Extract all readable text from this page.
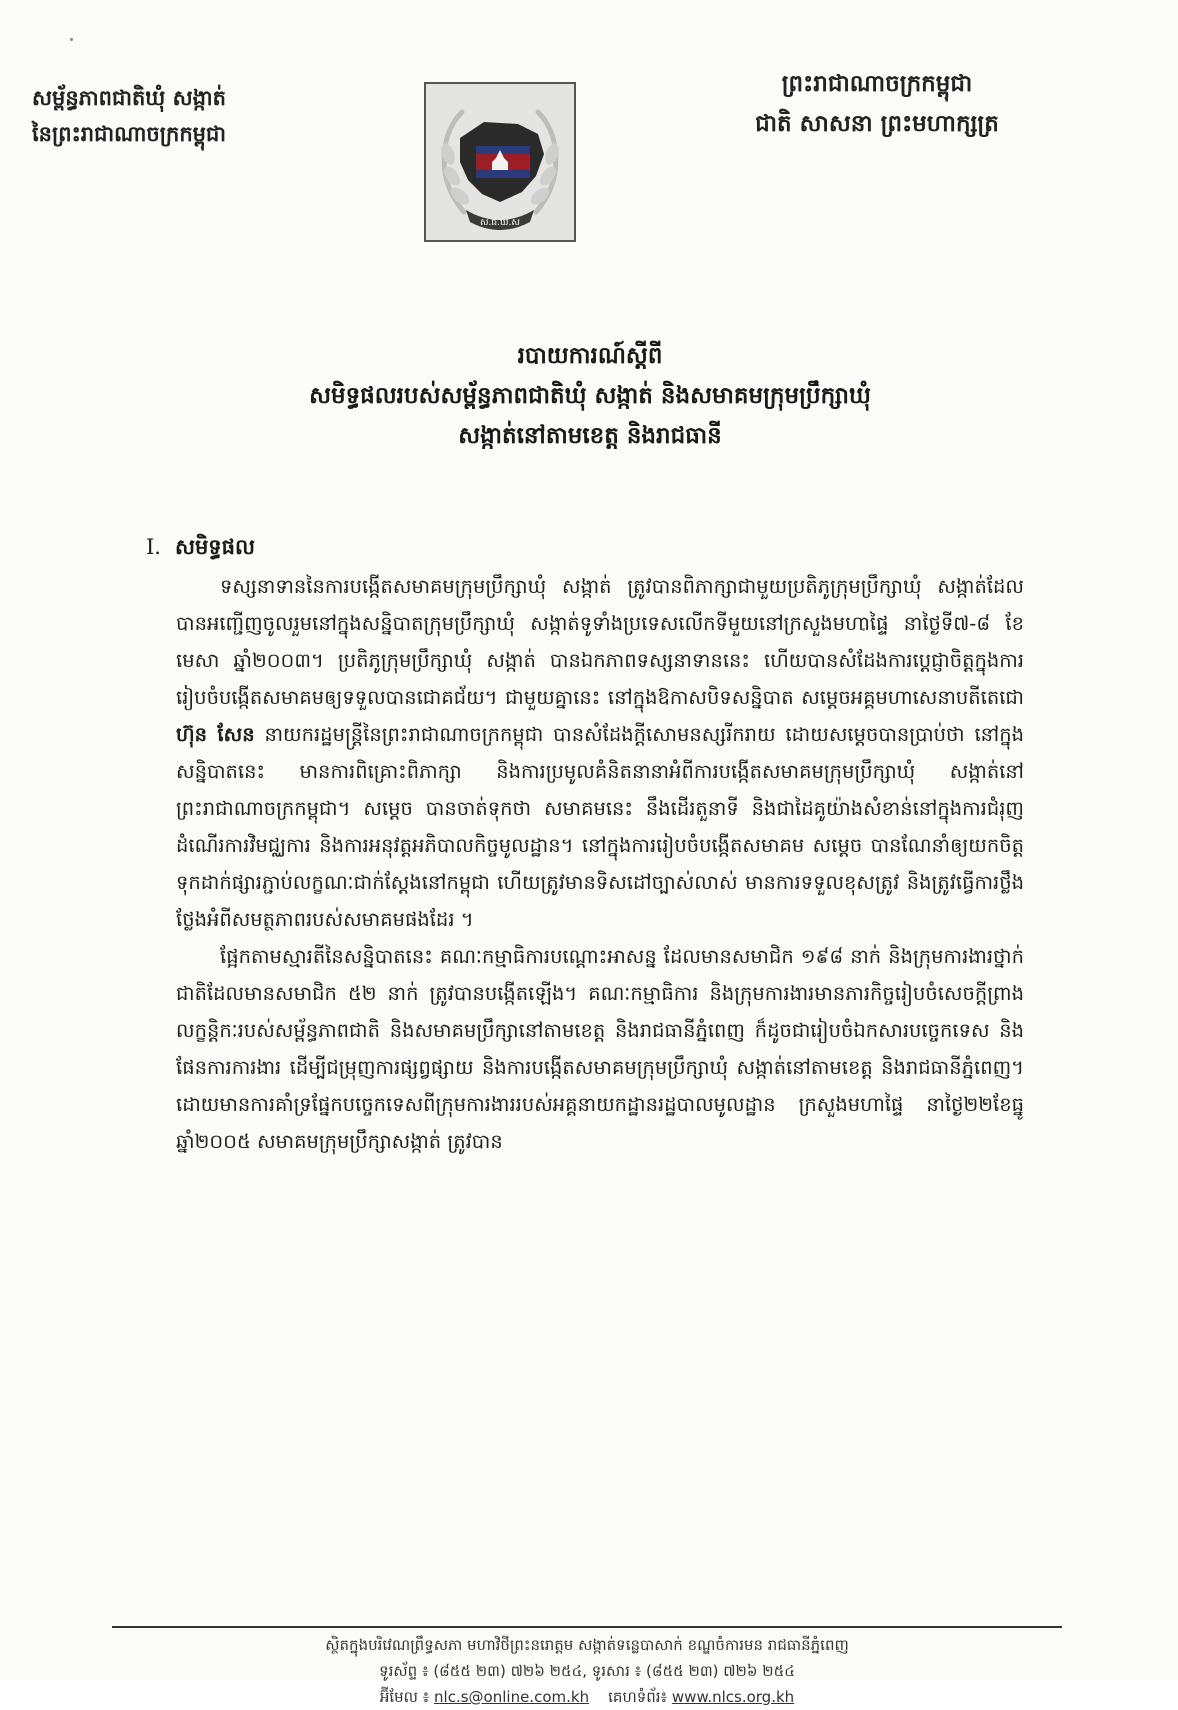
សម្ព័ន្ធភាពជាតិឃុំ សង្កាត់
នៃព្រះរាជាណាចក្រកម្ពុជា
ស.ជ.ឃ.ស
ព្រះរាជាណាចក្រកម្ពុជា
ជាតិ សាសនា ព្រះមហាក្សត្រ
របាយការណ៍ស្ដីពី
សមិទ្ធផលរបស់សម្ព័ន្ធភាពជាតិឃុំ សង្កាត់ និងសមាគមក្រុមប្រឹក្សាឃុំ
សង្កាត់នៅតាមខេត្ត និងរាជធានី
I. សមិទ្ធផល

ទស្សនាទាននៃការបង្កើតសមាគមក្រុមប្រឹក្សាឃុំ សង្កាត់ ត្រូវបានពិភាក្សាជាមួយប្រតិភូក្រុមប្រឹក្សាឃុំ សង្កាត់ដែលបានអញ្ជើញចូលរួមនៅក្នុងសន្និបាតក្រុមប្រឹក្សាឃុំ សង្កាត់ទូទាំងប្រទេសលើកទីមួយនៅក្រសួងមហាផ្ទៃ នាថ្ងៃទី៧-៨ ខែមេសា ឆ្នាំ២០០៣។ ប្រតិភូក្រុមប្រឹក្សាឃុំ សង្កាត់ បានឯកភាពទស្សនាទាននេះ ហើយបានសំដែងការប្ដេជ្ញាចិត្តក្នុងការរៀបចំបង្កើតសមាគមឲ្យទទួលបានជោគជ័យ។ ជាមួយគ្នានេះ នៅក្នុងឱកាសបិទសន្និបាត សម្ដេចអគ្គមហាសេនាបតីតេជោ ហ៊ុន សែន នាយករដ្ឋមន្ត្រីនៃព្រះរាជាណាចក្រកម្ពុជា បានសំដែងក្ដីសោមនស្សរីករាយ ដោយសម្ដេចបានប្រាប់ថា នៅក្នុងសន្និបាតនេះ មានការពិគ្រោះពិភាក្សា និងការប្រមូលគំនិតនានាអំពីការបង្កើតសមាគមក្រុមប្រឹក្សាឃុំ សង្កាត់នៅព្រះរាជាណាចក្រកម្ពុជា។ សម្ដេច បានចាត់ទុកថា សមាគមនេះ នឹងដើរតួនាទី និងជាដៃគូយ៉ាងសំខាន់នៅក្នុងការជំរុញដំណើរការវិមជ្ឈការ និងការអនុវត្តអភិបាលកិច្ចមូលដ្ឋាន។ នៅក្នុងការរៀបចំបង្កើតសមាគម សម្ដេច បានណែនាំឲ្យយកចិត្តទុកដាក់ផ្សារភ្ជាប់លក្ខណៈជាក់ស្ដែងនៅកម្ពុជា ហើយត្រូវមានទិសដៅច្បាស់លាស់ មានការទទួលខុសត្រូវ និងត្រូវធ្វើការថ្លឹងថ្លែងអំពីសមត្ថភាពរបស់សមាគមផងដែរ ។

ផ្អែកតាមស្មារតីនៃសន្និបាតនេះ គណៈកម្មាធិការបណ្ដោះអាសន្ន ដែលមានសមាជិក ១៩៨ នាក់ និងក្រុមការងារថ្នាក់ជាតិដែលមានសមាជិក ៥២ នាក់ ត្រូវបានបង្កើតឡើង។ គណៈកម្មាធិការ និងក្រុមការងារមានភារកិច្ចរៀបចំសេចក្ដីព្រាងលក្ខន្តិកៈរបស់សម្ព័ន្ធភាពជាតិ និងសមាគមប្រឹក្សានៅតាមខេត្ត និងរាជធានីភ្នំពេញ ក៏ដូចជារៀបចំឯកសារបច្ចេកទេស និងផែនការការងារ ដើម្បីជម្រុញការផ្សព្វផ្សាយ និងការបង្កើតសមាគមក្រុមប្រឹក្សាឃុំ សង្កាត់នៅតាមខេត្ត និងរាជធានីភ្នំពេញ។ ដោយមានការគាំទ្រផ្នែកបច្ចេកទេសពីក្រុមការងាររបស់អគ្គនាយកដ្ឋានរដ្ឋបាលមូលដ្ឋាន ក្រសួងមហាផ្ទៃ នាថ្ងៃ២២ខែធ្នូ ឆ្នាំ២០០៥ សមាគមក្រុមប្រឹក្សាសង្កាត់ ត្រូវបាន

ស្ថិតក្នុងបរិវេណព្រឹទ្ធសភា មហាវិថីព្រះនរោត្តម សង្កាត់ទន្លេបាសាក់ ខណ្ឌចំការមន រាជធានីភ្នំពេញ
ទូរស័ព្ទ ៖ (៨៥៥ ២៣) ៧២៦ ២៥៤, ទូរសារ ៖ (៨៥៥ ២៣) ៧២៦ ២៥៤
អ៊ីមែល ៖ nlc.s@online.com.kh គេហទំព័រ៖ www.nlcs.org.kh
